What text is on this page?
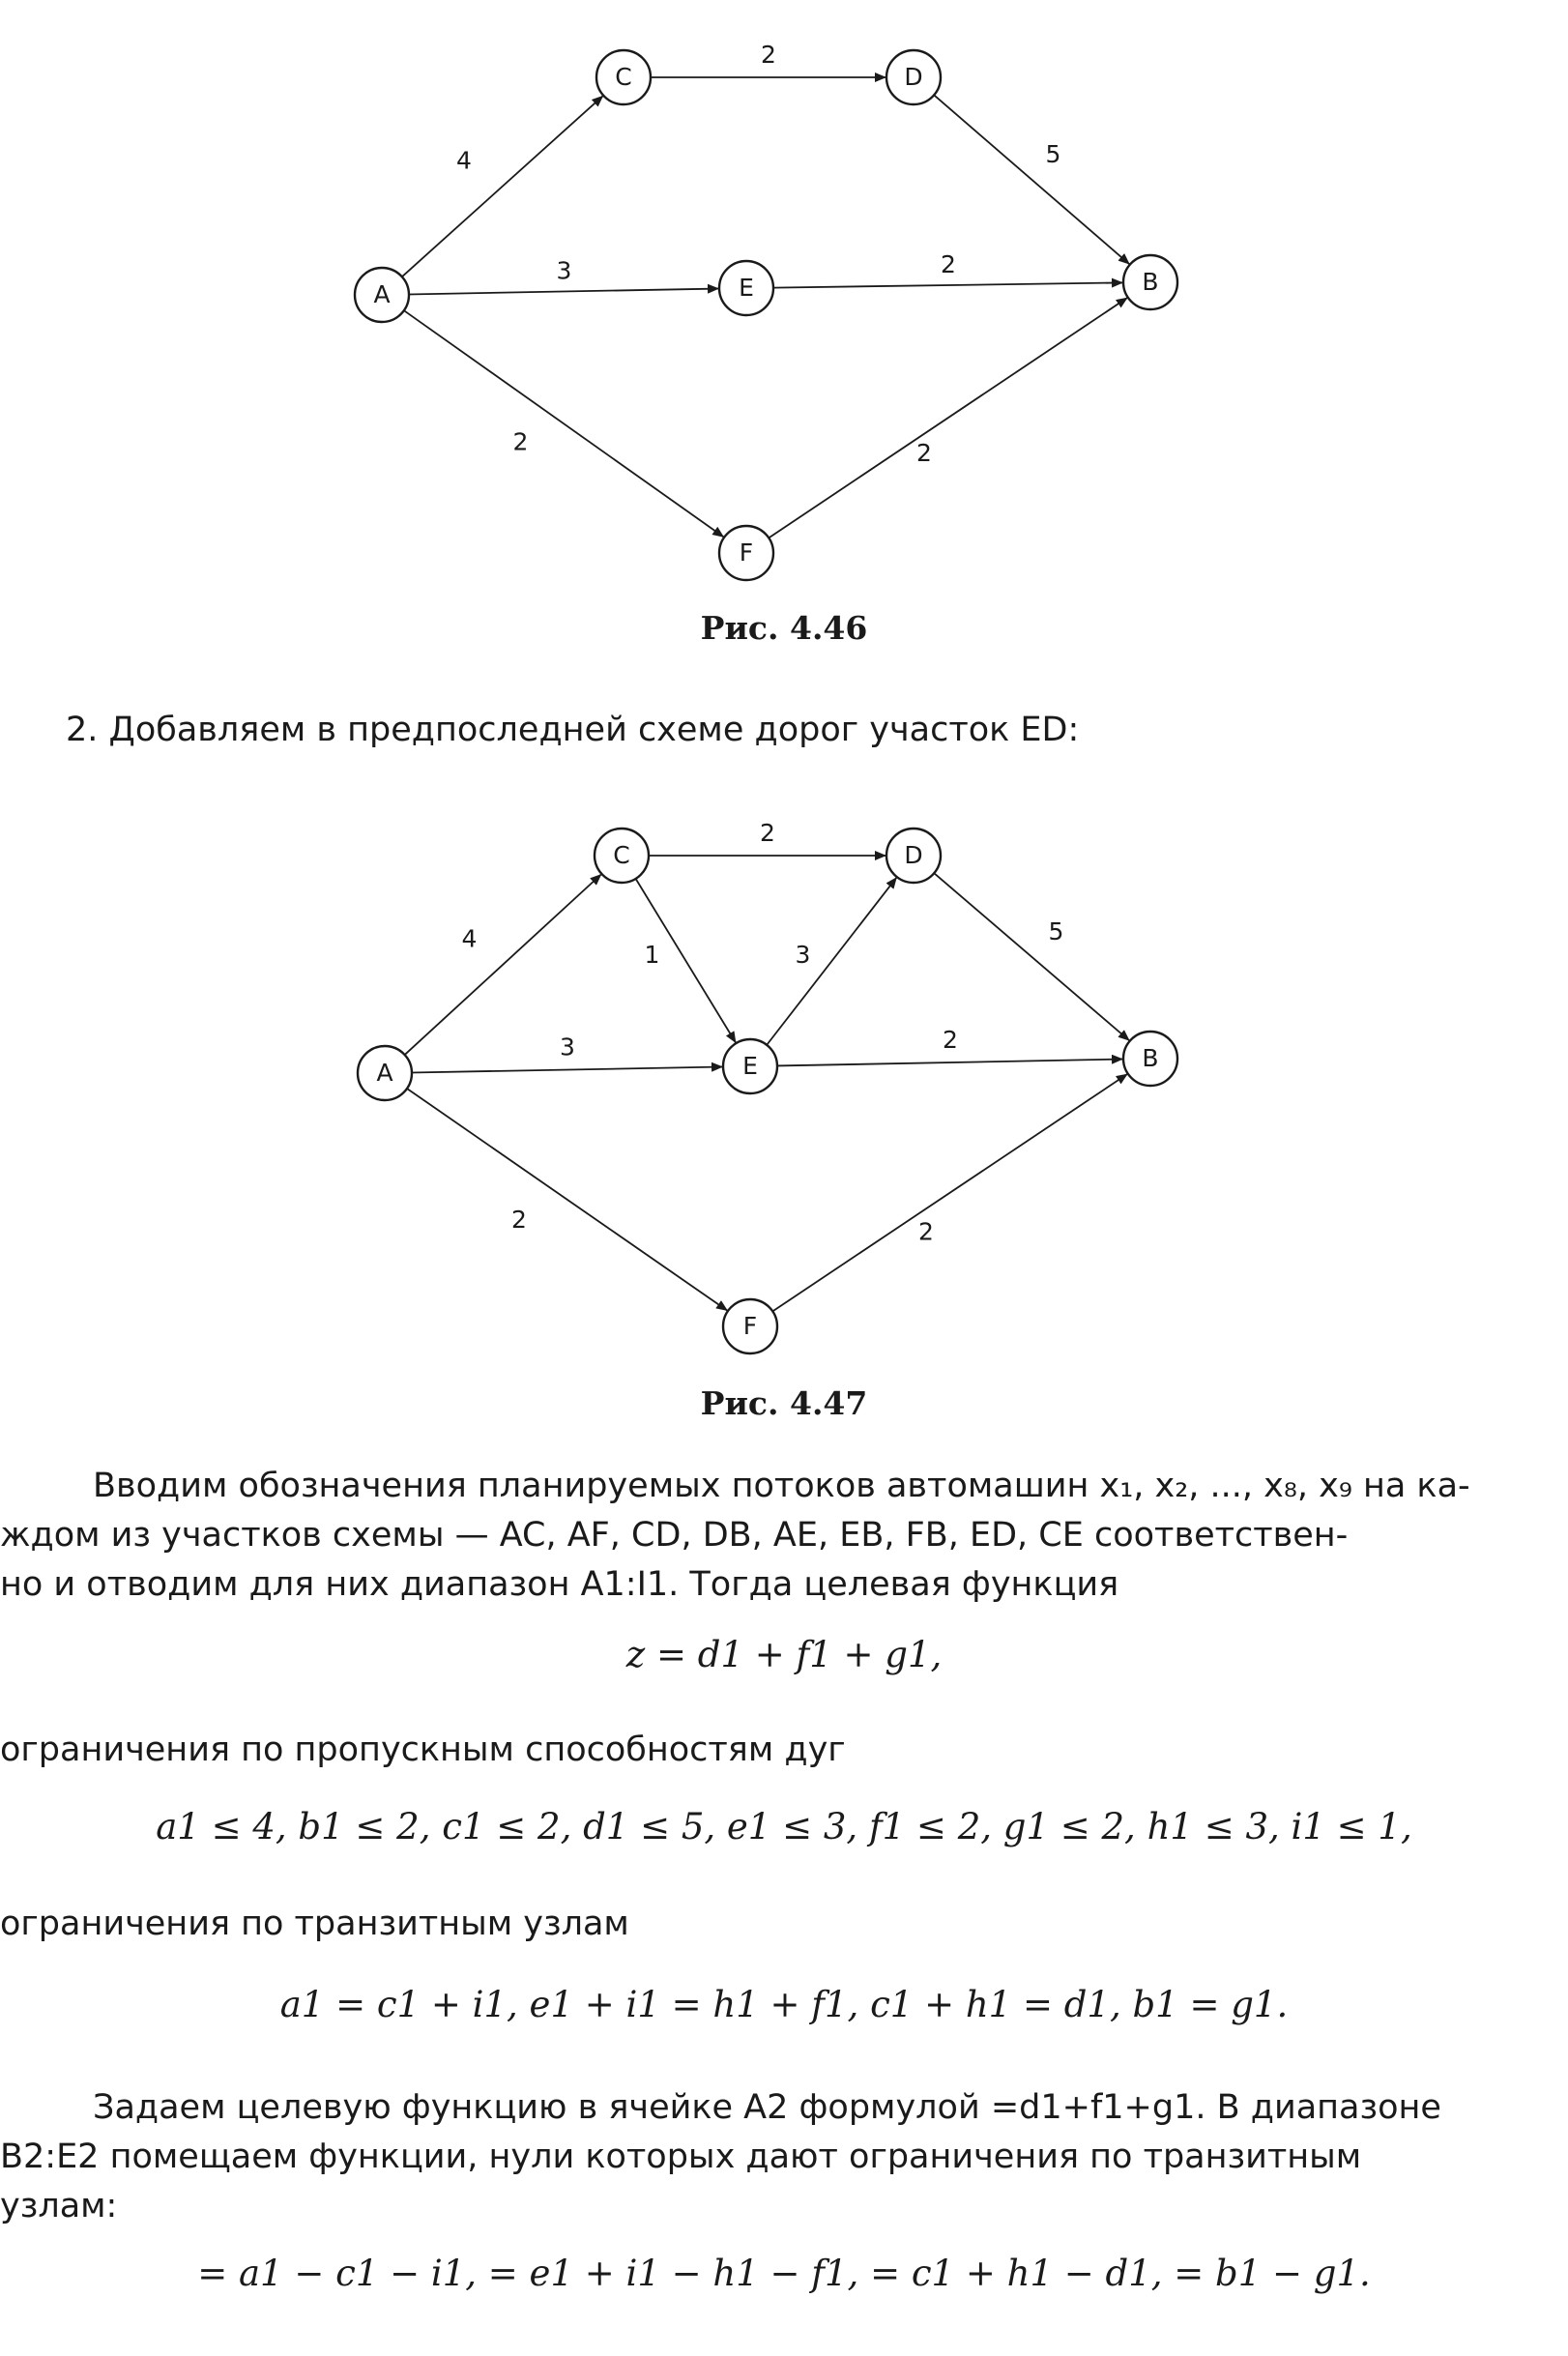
4
2
5
3	2
2	2
A
C	D
E	B
F
Рис. 4.46
2. Добавляем в предпоследней схеме дорог участок ED:
4
2
1	3
5
3	2
2	2
A
C	D
E	B
F
Рис. 4.47
Вводим обозначения планируемых потоков автомашин x₁, x₂, ..., x₈, x₉ на ка-
ждом из участков схемы — AC, AF, CD, DB, AE, EB, FB, ED, CE соответствен-
но и отводим для них диапазон A1:I1. Тогда целевая функция
z = d1 + f1 + g1,
ограничения по пропускным способностям дуг
a1 ≤ 4, b1 ≤ 2, c1 ≤ 2, d1 ≤ 5, e1 ≤ 3, f1 ≤ 2, g1 ≤ 2, h1 ≤ 3, i1 ≤ 1,
ограничения по транзитным узлам
a1 = c1 + i1, e1 + i1 = h1 + f1, c1 + h1 = d1, b1 = g1.
Задаем целевую функцию в ячейке A2 формулой =d1+f1+g1. В диапазоне
B2:E2 помещаем функции, нули которых дают ограничения по транзитным
узлам:
= a1 − c1 − i1, = e1 + i1 − h1 − f1, = c1 + h1 − d1, = b1 − g1.
